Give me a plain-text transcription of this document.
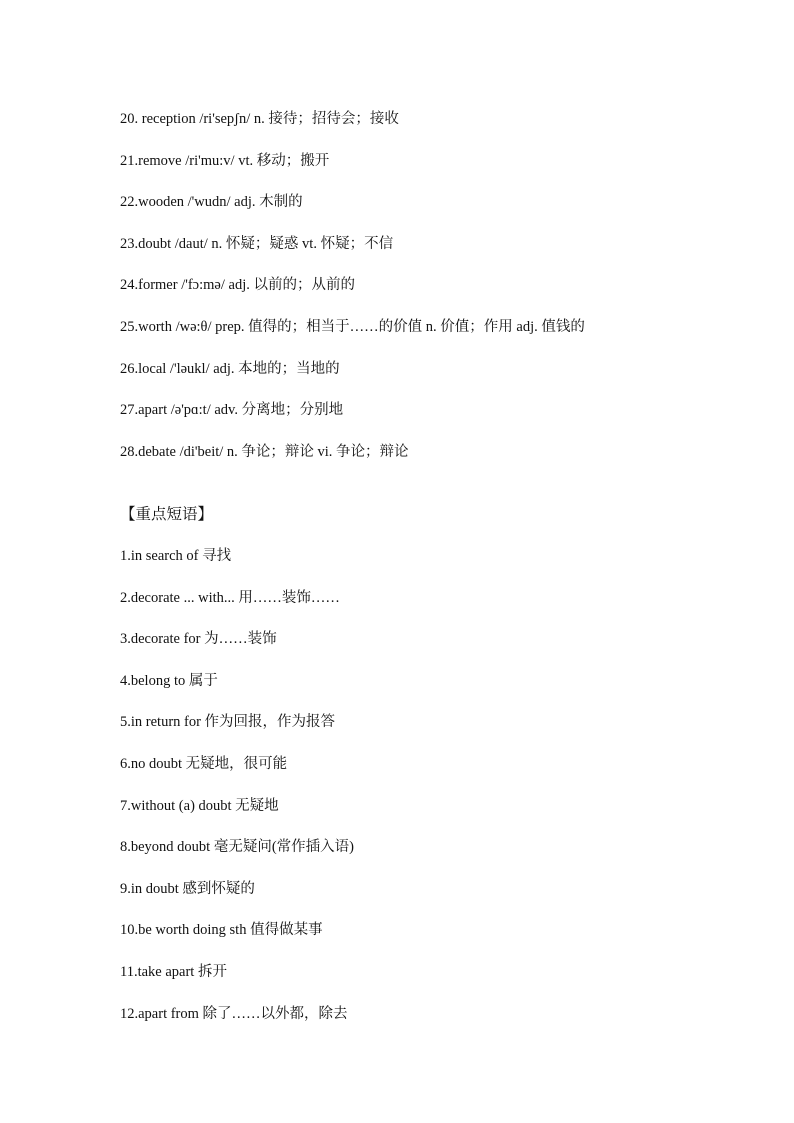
20. reception /ri'sepʃn/ n. 接待；招待会；接收
21.remove /ri'mu:v/ vt. 移动；搬开
22.wooden /'wudn/ adj. 木制的
23.doubt /daut/ n. 怀疑；疑惑 vt. 怀疑；不信
24.former /'fɔ:mə/ adj. 以前的；从前的
25.worth /wə:θ/ prep. 值得的；相当于……的价值 n. 价值；作用 adj. 值钱的
26.local /'ləukl/ adj. 本地的；当地的
27.apart /ə'pɑ:t/ adv. 分离地；分别地
28.debate /di'beit/ n. 争论；辩论 vi. 争论；辩论
【重点短语】
1.in search of 寻找
2.decorate ... with... 用……装饰……
3.decorate for 为……装饰
4.belong to 属于
5.in return for 作为回报，作为报答
6.no doubt 无疑地，很可能
7.without (a) doubt 无疑地
8.beyond doubt 毫无疑问(常作插入语)
9.in doubt 感到怀疑的
10.be worth doing sth 值得做某事
11.take apart 拆开
12.apart from 除了……以外都，除去
